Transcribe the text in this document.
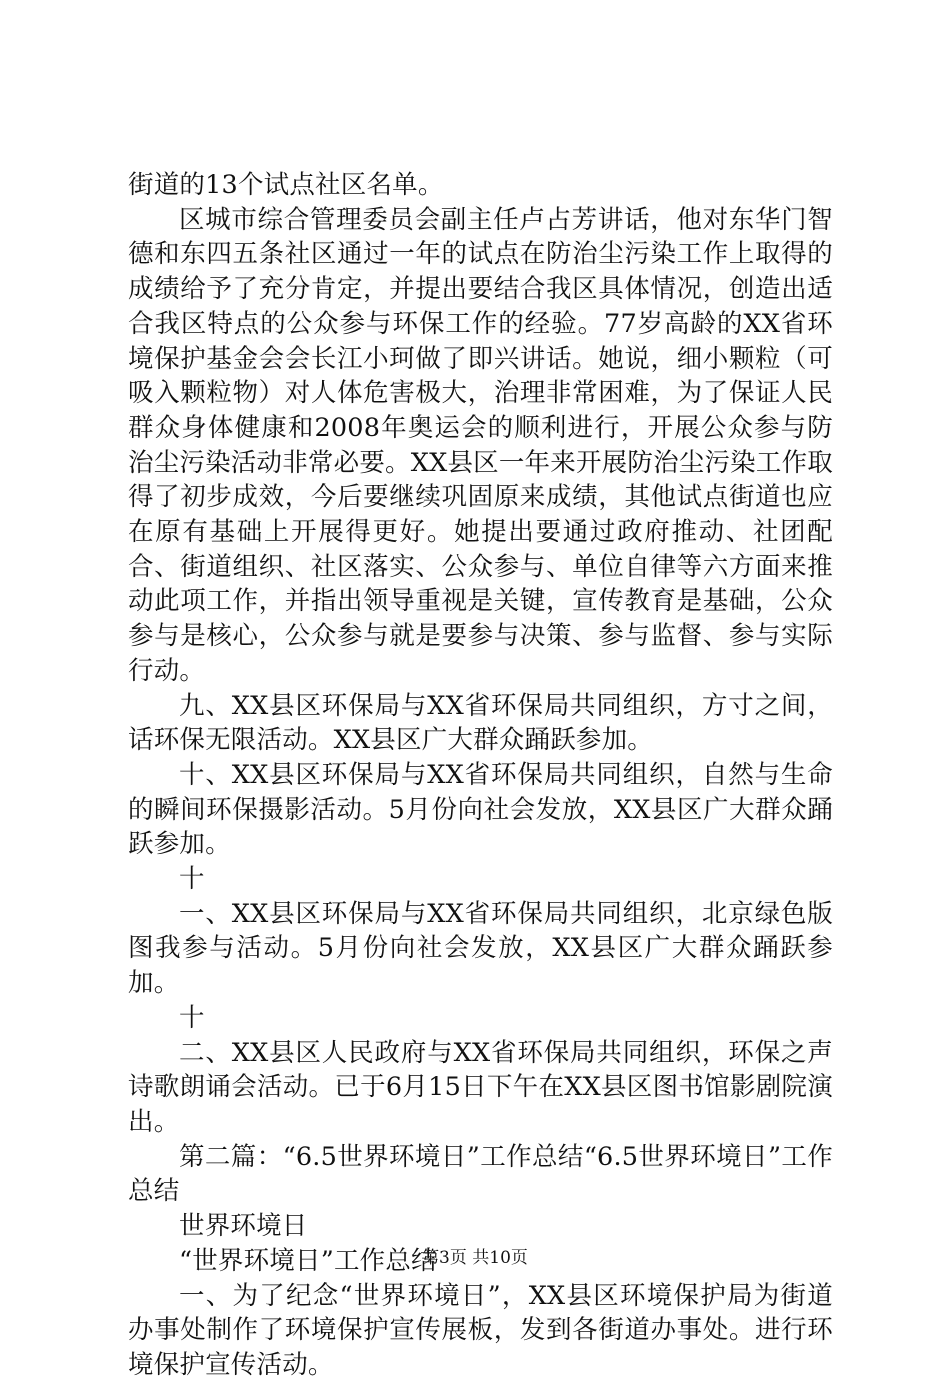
街道的13个试点社区名单。

区城市综合管理委员会副主任卢占芳讲话，他对东华门智德和东四五条社区通过一年的试点在防治尘污染工作上取得的成绩给予了充分肯定，并提出要结合我区具体情况，创造出适合我区特点的公众参与环保工作的经验。77岁高龄的XX省环境保护基金会会长江小珂做了即兴讲话。她说，细小颗粒（可吸入颗粒物）对人体危害极大，治理非常困难，为了保证人民群众身体健康和2008年奥运会的顺利进行，开展公众参与防治尘污染活动非常必要。XX县区一年来开展防治尘污染工作取得了初步成效，今后要继续巩固原来成绩，其他试点街道也应在原有基础上开展得更好。她提出要通过政府推动、社团配合、街道组织、社区落实、公众参与、单位自律等六方面来推动此项工作，并指出领导重视是关键，宣传教育是基础，公众参与是核心，公众参与就是要参与决策、参与监督、参与实际行动。

九、XX县区环保局与XX省环保局共同组织，方寸之间，话环保无限活动。XX县区广大群众踊跃参加。

十、XX县区环保局与XX省环保局共同组织，自然与生命的瞬间环保摄影活动。5月份向社会发放，XX县区广大群众踊跃参加。

十

一、XX县区环保局与XX省环保局共同组织，北京绿色版图我参与活动。5月份向社会发放，XX县区广大群众踊跃参加。

十

二、XX县区人民政府与XX省环保局共同组织，环保之声诗歌朗诵会活动。已于6月15日下午在XX县区图书馆影剧院演出。

第二篇：“6.5世界环境日”工作总结“6.5世界环境日”工作总结

世界环境日

“世界环境日”工作总结

一、为了纪念“世界环境日”，XX县区环境保护局为街道办事处制作了环境保护宣传展板，发到各街道办事处。进行环境保护宣传活动。

第3页 共10页
